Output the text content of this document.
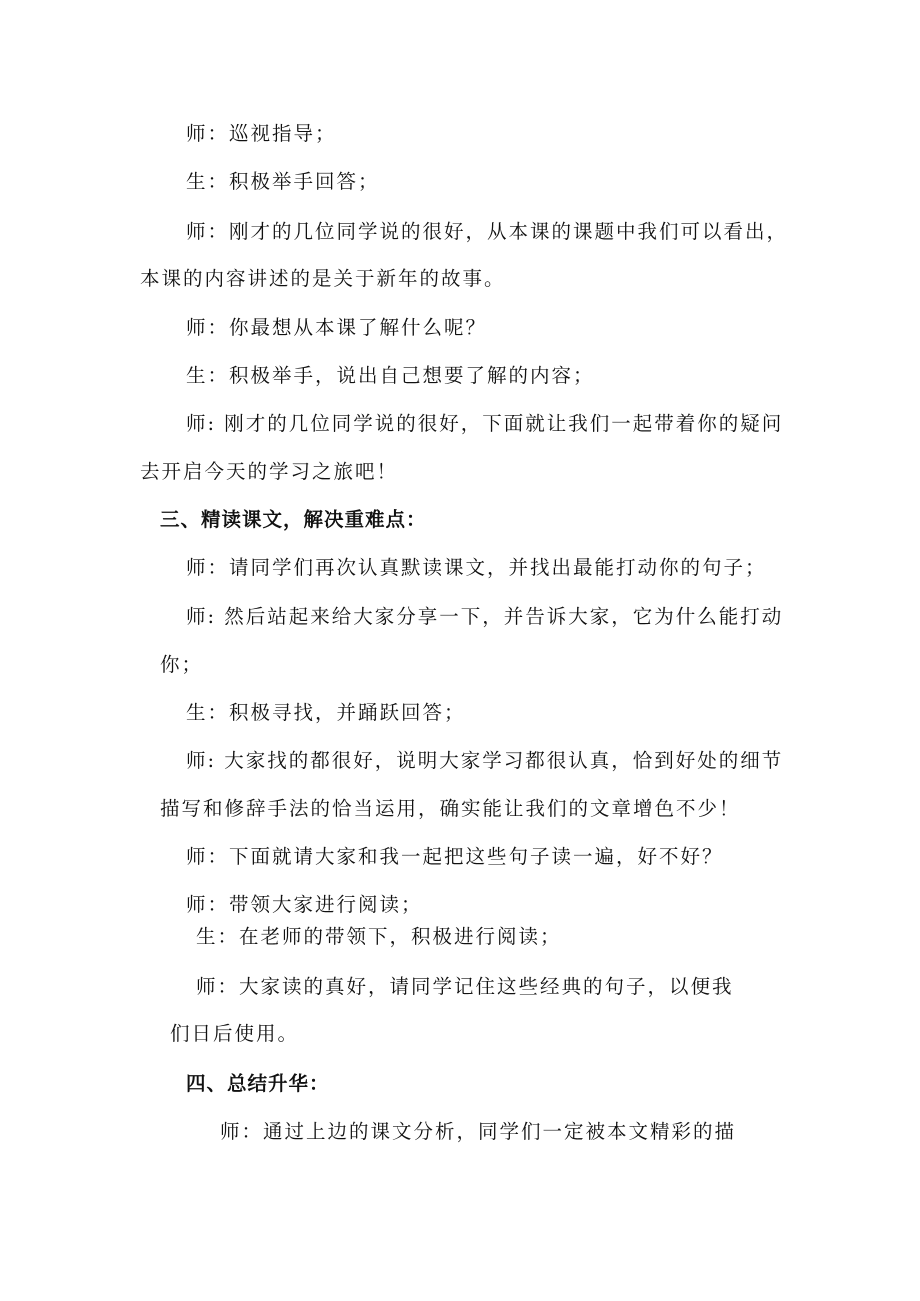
师：巡视指导；
生：积极举手回答；
师：刚才的几位同学说的很好，从本课的课题中我们可以看出，
本课的内容讲述的是关于新年的故事。
师：你最想从本课了解什么呢？
生：积极举手，说出自己想要了解的内容；
师: 刚才的几位同学说的很好，下面就让我们一起带着你的疑问
去开启今天的学习之旅吧！
三、精读课文，解决重难点：
师：请同学们再次认真默读课文，并找出最能打动你的句子；
师: 然后站起来给大家分享一下，并告诉大家，它为什么能打动
你；
生：积极寻找，并踊跃回答；
师: 大家找的都很好，说明大家学习都很认真，恰到好处的细节
描写和修辞手法的恰当运用，确实能让我们的文章增色不少！
师：下面就请大家和我一起把这些句子读一遍，好不好？
师：带领大家进行阅读；
生：在老师的带领下，积极进行阅读；
师：大家读的真好，请同学记住这些经典的句子，以便我
们日后使用。
四、总结升华：
师：通过上边的课文分析，同学们一定被本文精彩的描
